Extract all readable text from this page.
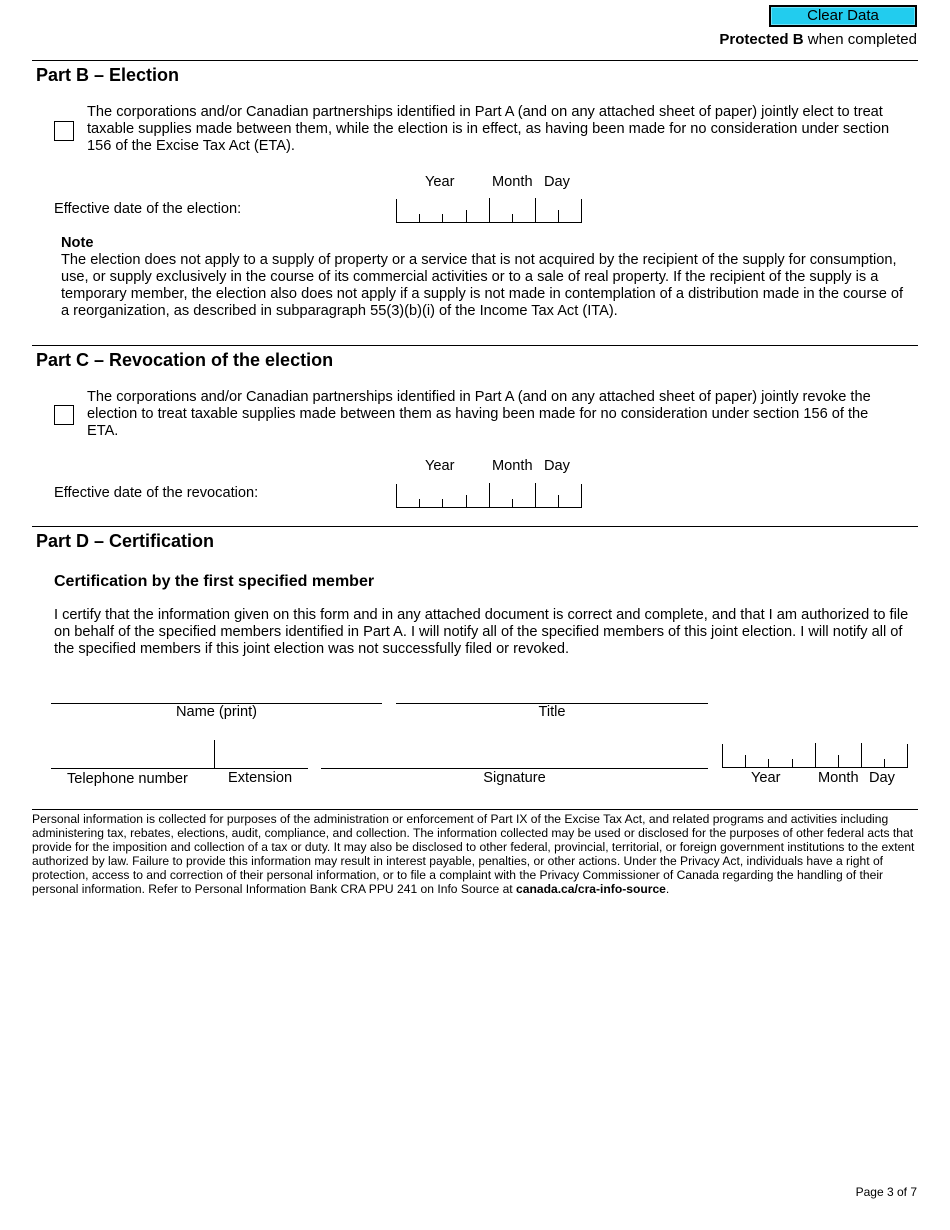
Clear Data
Protected B when completed
Part B – Election
The corporations and/or Canadian partnerships identified in Part A (and on any attached sheet of paper) jointly elect to treat taxable supplies made between them, while the election is in effect, as having been made for no consideration under section 156 of the Excise Tax Act (ETA).
Year	Month Day
Effective date of the election:
Note
The election does not apply to a supply of property or a service that is not acquired by the recipient of the supply for consumption, use, or supply exclusively in the course of its commercial activities or to a sale of real property. If the recipient of the supply is a temporary member, the election also does not apply if a supply is not made in contemplation of a distribution made in the course of a reorganization, as described in subparagraph 55(3)(b)(i) of the Income Tax Act (ITA).
Part C – Revocation of the election
The corporations and/or Canadian partnerships identified in Part A (and on any attached sheet of paper) jointly revoke the election to treat taxable supplies made between them as having been made for no consideration under section 156 of the ETA.
Year	Month Day
Effective date of the revocation:
Part D – Certification
Certification by the first specified member
I certify that the information given on this form and in any attached document is correct and complete, and that I am authorized to file on behalf of the specified members identified in Part A. I will notify all of the specified members of this joint election. I will notify all of the specified members if this joint election was not successfully filed or revoked.
Name (print)	Title
Telephone number	Extension	Signature	Year	Month Day
Personal information is collected for purposes of the administration or enforcement of Part IX of the Excise Tax Act, and related programs and activities including administering tax, rebates, elections, audit, compliance, and collection. The information collected may be used or disclosed for the purposes of other federal acts that provide for the imposition and collection of a tax or duty. It may also be disclosed to other federal, provincial, territorial, or foreign government institutions to the extent authorized by law. Failure to provide this information may result in interest payable, penalties, or other actions. Under the Privacy Act, individuals have a right of protection, access to and correction of their personal information, or to file a complaint with the Privacy Commissioner of Canada regarding the handling of their personal information. Refer to Personal Information Bank CRA PPU 241 on Info Source at canada.ca/cra-info-source.
Page 3 of 7
